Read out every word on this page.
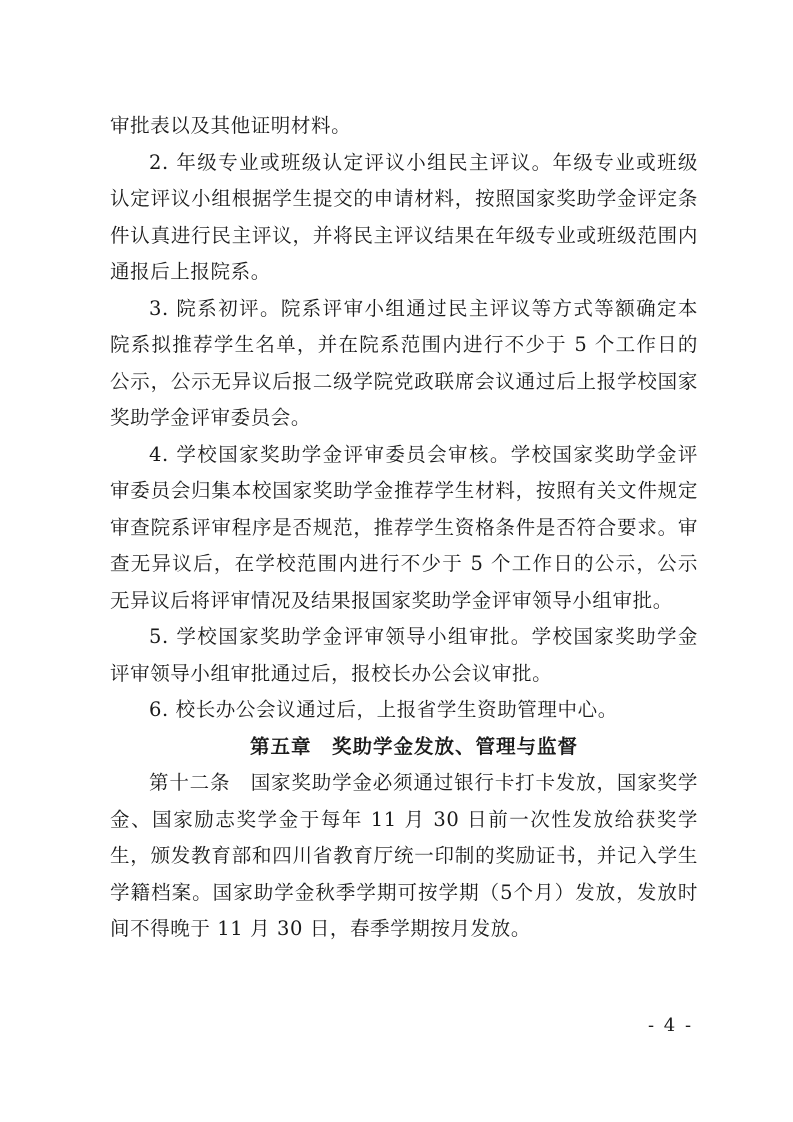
审批表以及其他证明材料。

2. 年级专业或班级认定评议小组民主评议。年级专业或班级认定评议小组根据学生提交的申请材料，按照国家奖助学金评定条件认真进行民主评议，并将民主评议结果在年级专业或班级范围内通报后上报院系。

3. 院系初评。院系评审小组通过民主评议等方式等额确定本院系拟推荐学生名单，并在院系范围内进行不少于 5 个工作日的公示，公示无异议后报二级学院党政联席会议通过后上报学校国家奖助学金评审委员会。

4. 学校国家奖助学金评审委员会审核。学校国家奖助学金评审委员会归集本校国家奖助学金推荐学生材料，按照有关文件规定审查院系评审程序是否规范，推荐学生资格条件是否符合要求。审查无异议后，在学校范围内进行不少于 5 个工作日的公示，公示无异议后将评审情况及结果报国家奖助学金评审领导小组审批。

5. 学校国家奖助学金评审领导小组审批。学校国家奖助学金评审领导小组审批通过后，报校长办公会议审批。

6. 校长办公会议通过后，上报省学生资助管理中心。

第五章　奖助学金发放、管理与监督

第十二条　国家奖助学金必须通过银行卡打卡发放，国家奖学金、国家励志奖学金于每年 11 月 30 日前一次性发放给获奖学生，颁发教育部和四川省教育厅统一印制的奖励证书，并记入学生学籍档案。国家助学金秋季学期可按学期（5个月）发放，发放时间不得晚于 11 月 30 日，春季学期按月发放。

- 4 -
